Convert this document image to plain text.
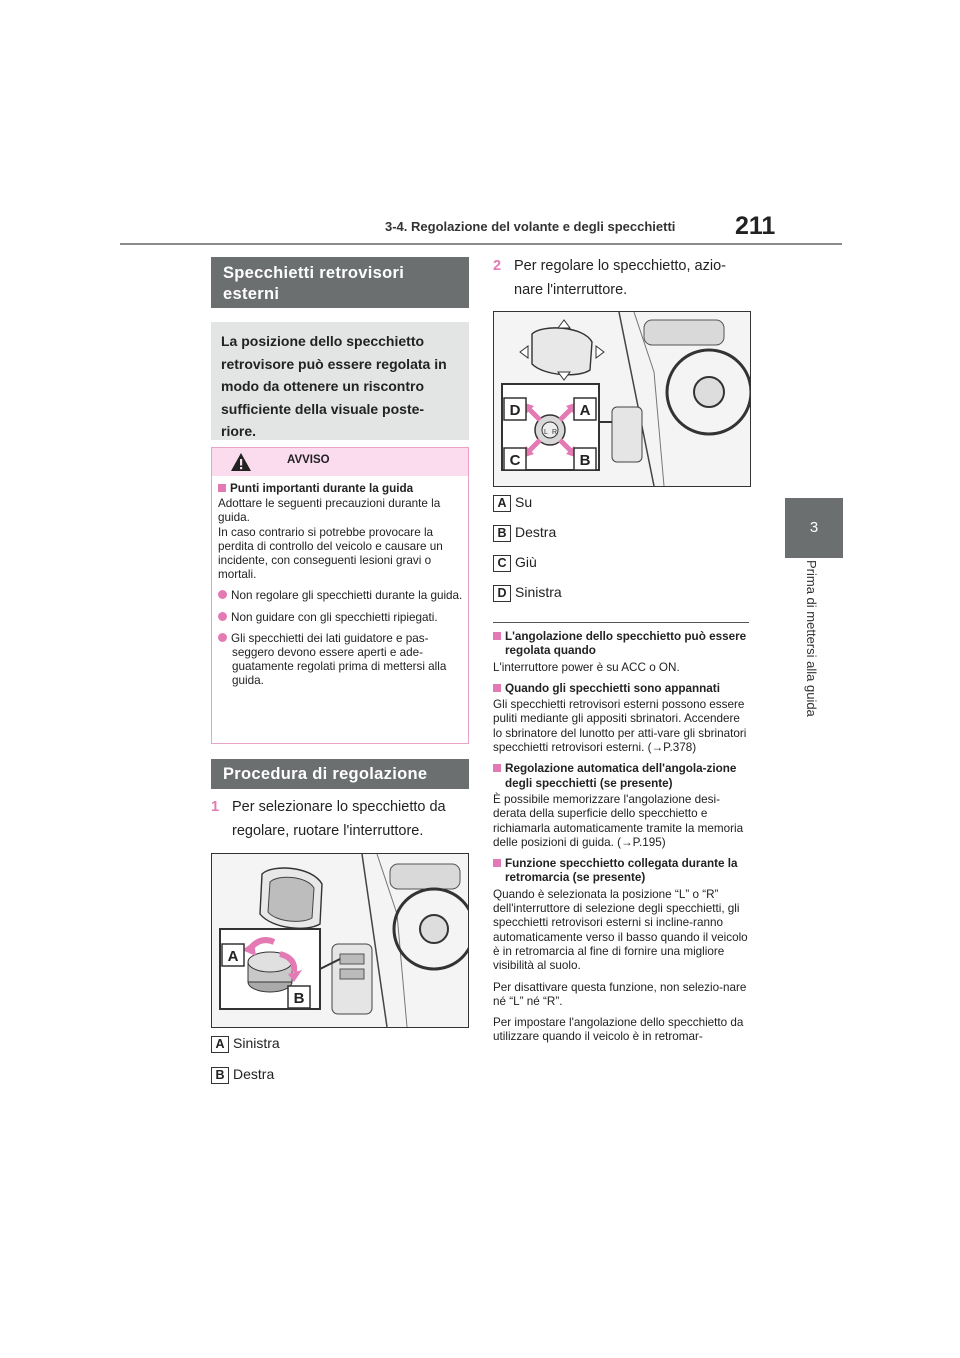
3-4. Regolazione del volante e degli specchietti 211
3
Prima di mettersi alla guida
Specchietti retrovisori esterni
La posizione dello specchietto retrovisore può essere regolata in modo da ottenere un riscontro sufficiente della visuale poste-riore.
AVVISO

Punti importanti durante la guida

Adottare le seguenti precauzioni durante la guida.
In caso contrario si potrebbe provocare la perdita di controllo del veicolo e causare un incidente, con conseguenti lesioni gravi o mortali.

Non regolare gli specchietti durante la guida.

Non guidare con gli specchietti ripiegati.

Gli specchietti dei lati guidatore e pas-seggero devono essere aperti e ade-guatamente regolati prima di mettersi alla guida.

Procedura di regolazione
1 Per selezionare lo specchietto da regolare, ruotare l'interruttore.
A
B
A Sinistra
B Destra
2 Per regolare lo specchietto, azio-nare l'interruttore.
L R
D	A
C	B
A Su
B Destra
C Giù
D Sinistra

L'angolazione dello specchietto può essere regolata quando

L'interruttore power è su ACC o ON.

Quando gli specchietti sono appannati

Gli specchietti retrovisori esterni possono essere puliti mediante gli appositi sbrinatori. Accendere lo sbrinatore del lunotto per atti-vare gli sbrinatori specchietti retrovisori esterni. (→P.378)

Regolazione automatica dell'angola-zione degli specchietti (se presente)

È possibile memorizzare l'angolazione desi-derata della superficie dello specchietto e richiamarla automaticamente tramite la memoria delle posizioni di guida. (→P.195)

Funzione specchietto collegata durante la retromarcia (se presente)

Quando è selezionata la posizione “L” o “R” dell'interruttore di selezione degli specchietti, gli specchietti retrovisori esterni si incline-ranno automaticamente verso il basso quando il veicolo è in retromarcia al fine di fornire una migliore visibilità al suolo.

Per disattivare questa funzione, non selezio-nare né “L” né “R”.

Per impostare l'angolazione dello specchietto da utilizzare quando il veicolo è in retromar-
